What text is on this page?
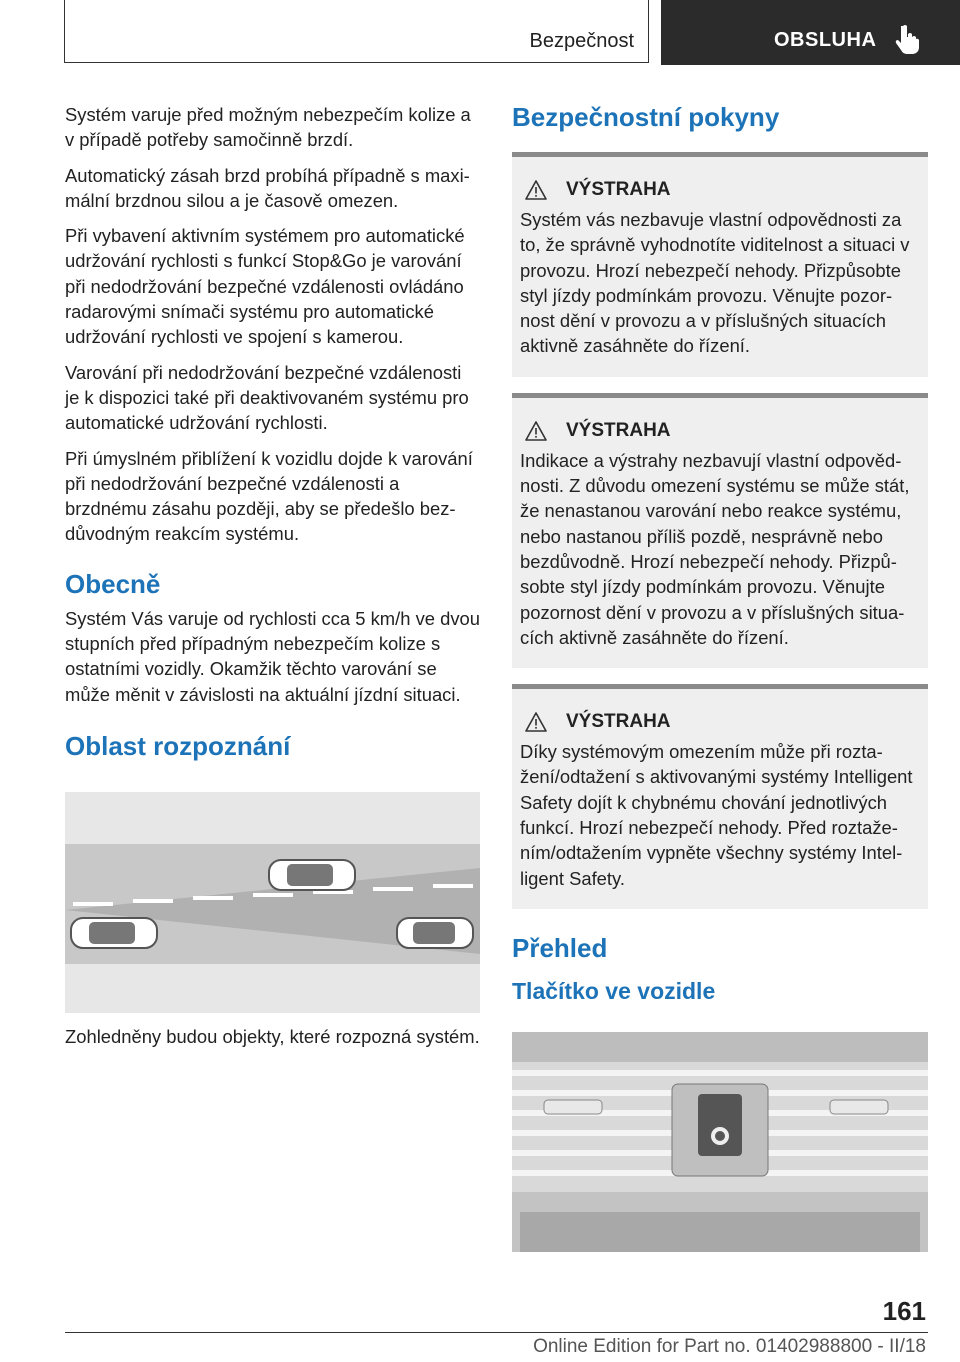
Bezpečnost	OBSLUHA

Systém varuje před možným nebezpečím kolize a v případě potřeby samočinně brzdí.

Automatický zásah brzd probíhá případně s maximální brzdnou silou a je časově omezen.

Při vybavení aktivním systémem pro automatické udržování rychlosti s funkcí Stop&Go je varování při nedodržování bezpečné vzdálenosti ovládáno radarovými snímači systému pro automatické udržování rychlosti ve spojení s kamerou.

Varování při nedodržování bezpečné vzdálenosti je k dispozici také při deaktivovaném systému pro automatické udržování rychlosti.

Při úmyslném přiblížení k vozidlu dojde k varování při nedodržování bezpečné vzdálenosti a brzdnému zásahu později, aby se předešlo bezdůvodným reakcím systému.

Obecně

Systém Vás varuje od rychlosti cca 5 km/h ve dvou stupních před případným nebezpečím kolize s ostatními vozidly. Okamžik těchto varování se může měnit v závislosti na aktuální jízdní situaci.

Oblast rozpoznání

Zohledněny budou objekty, které rozpozná systém.

Bezpečnostní pokyny
VÝSTRAHA

Systém vás nezbavuje vlastní odpovědnosti za to, že správně vyhodnotíte viditelnost a situaci v provozu. Hrozí nebezpečí nehody. Přizpůsobte styl jízdy podmínkám provozu. Věnujte pozornost dění v provozu a v příslušných situacích aktivně zasáhněte do řízení.

VÝSTRAHA

Indikace a výstrahy nezbavují vlastní odpovědnosti. Z důvodu omezení systému se může stát, že nenastanou varování nebo reakce systému, nebo nastanou příliš pozdě, nesprávně nebo bezdůvodně. Hrozí nebezpečí nehody. Přizpůsobte styl jízdy podmínkám provozu. Věnujte pozornost dění v provozu a v příslušných situacích aktivně zasáhněte do řízení.

VÝSTRAHA

Díky systémovým omezením může při roztažení/odtažení s aktivovanými systémy Intelligent Safety dojít k chybnému chování jednotlivých funkcí. Hrozí nebezpečí nehody. Před roztažením/odtažením vypněte všechny systémy Intelligent Safety.

Přehled
Tlačítko ve vozidle
161
Online Edition for Part no. 01402988800 - II/18
